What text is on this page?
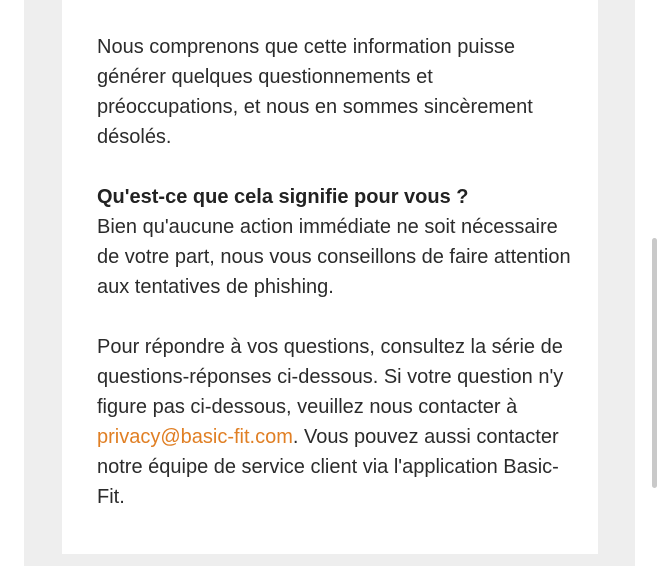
Nous comprenons que cette information puisse générer quelques questionnements et préoccupations, et nous en sommes sincèrement désolés.

Qu'est-ce que cela signifie pour vous ?
Bien qu'aucune action immédiate ne soit nécessaire de votre part, nous vous conseillons de faire attention aux tentatives de phishing.

Pour répondre à vos questions, consultez la série de questions-réponses ci-dessous. Si votre question n'y figure pas ci-dessous, veuillez nous contacter à privacy@basic-fit.com. Vous pouvez aussi contacter notre équipe de service client via l'application Basic-Fit.
